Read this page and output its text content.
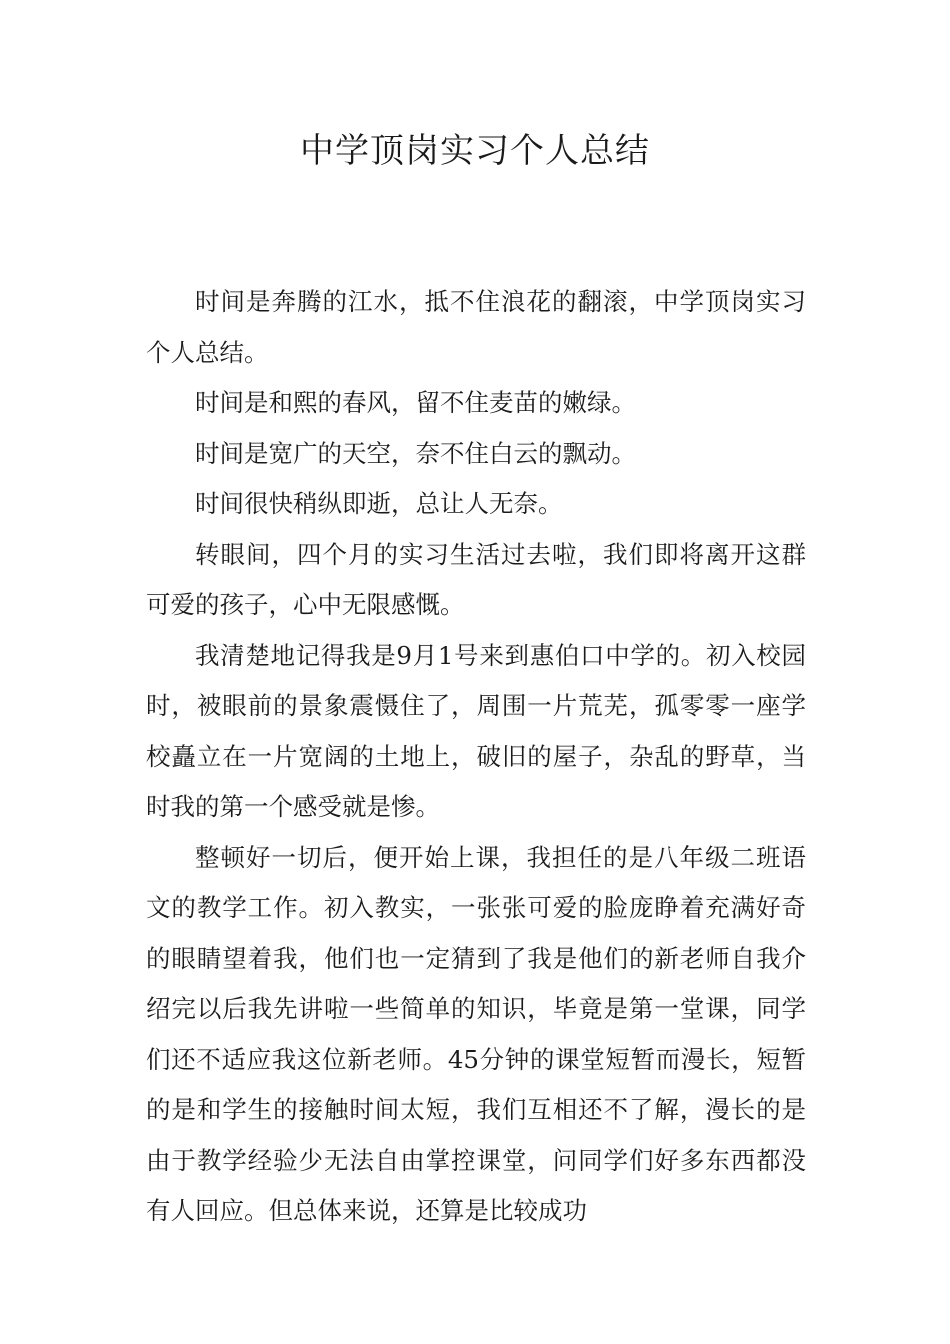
中学顶岗实习个人总结

时间是奔腾的江水，抵不住浪花的翻滚，中学顶岗实习个人总结。

时间是和熙的春风，留不住麦苗的嫩绿。

时间是宽广的天空，奈不住白云的飘动。

时间很快稍纵即逝，总让人无奈。

转眼间，四个月的实习生活过去啦，我们即将离开这群可爱的孩子，心中无限感慨。

我清楚地记得我是9月1号来到惠伯口中学的。初入校园时，被眼前的景象震慑住了，周围一片荒芜，孤零零一座学校矗立在一片宽阔的土地上，破旧的屋子，杂乱的野草，当时我的第一个感受就是惨。

整顿好一切后，便开始上课，我担任的是八年级二班语文的教学工作。初入教实，一张张可爱的脸庞睁着充满好奇的眼睛望着我，他们也一定猜到了我是他们的新老师自我介绍完以后我先讲啦一些简单的知识，毕竟是第一堂课，同学们还不适应我这位新老师。45分钟的课堂短暂而漫长，短暂的是和学生的接触时间太短，我们互相还不了解，漫长的是由于教学经验少无法自由掌控课堂，问同学们好多东西都没有人回应。但总体来说，还算是比较成功
